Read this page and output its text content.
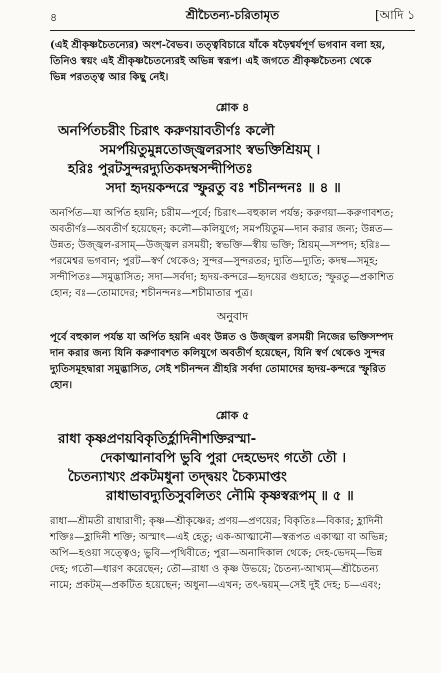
৪	শ্রীচৈতন্য-চরিতামৃত	[আদি ১

(এই শ্রীকৃষ্ণচৈতন্যের) অংশ-বৈভব। তত্ত্ববিচারে যাঁকে ষড়ৈশ্বর্যপূর্ণ ভগবান বলা হয়,

তিনিও স্বয়ং এই শ্রীকৃষ্ণচৈতন্যেরই অভিন্ন স্বরূপ। এই জগতে শ্রীকৃষ্ণচৈতন্য থেকে

ভিন্ন পরতত্ত্ব আর কিছু নেই।

শ্লোক ৪
অনর্পিতচরীং চিরাৎ করুণয়াবতীর্ণঃ কলৌ
সমর্পয়িতুমুন্নতোজ্জ্বলরসাং স্বভক্তিশ্রিয়ম্ ।
হরিঃ পুরটসুন্দরদ্যুতিকদম্বসন্দীপিতঃ
সদা হৃদয়কন্দরে স্ফুরতু বঃ শচীনন্দনঃ ॥ ৪ ॥

অনর্পিত—যা অর্পিত হয়নি; চরীম—পূর্বে; চিরাৎ—বহুকাল পর্যন্ত; করুণয়া—করুণাবশত;

অবতীর্ণঃ—অবতীর্ণ হয়েছেন; কলৌ—কলিযুগে; সমর্পয়িতুম—দান করার জন্য; উন্নত—

উন্নত; উজ্জ্বল-রসাম্—উজ্জ্বল রসময়ী; স্বভক্তি—স্বীয় ভক্তি; শ্রিয়ম্—সম্পদ; হরিঃ—

পরমেশ্বর ভগবান; পুরট—স্বর্ণ থেকেও; সুন্দর—সুন্দরতর; দ্যুতি—দ্যুতি; কদম্ব—সমূহ;

সন্দীপিতঃ—সমুদ্ভাসিত; সদা—সর্বদা; হৃদয়-কন্দরে—হৃদয়ের গুহাতে; স্ফুরতু—প্রকাশিত

হোন; বঃ—তোমাদের; শচীনন্দনঃ—শচীমাতার পুত্র।

অনুবাদ

পূর্বে বহুকাল পর্যন্ত যা অর্পিত হয়নি এবং উন্নত ও উজ্জ্বল রসময়ী নিজের ভক্তিসম্পদ

দান করার জন্য যিনি করুণাবশত কলিযুগে অবতীর্ণ হয়েছেন, যিনি স্বর্ণ থেকেও সুন্দর

দ্যুতিসমূহদ্বারা সমুদ্ভাসিত, সেই শচীনন্দন শ্রীহরি সর্বদা তোমাদের হৃদয়-কন্দরে স্ফুরিত

হোন।

শ্লোক ৫
রাধা কৃষ্ণপ্রণয়বিকৃতির্হ্লাদিনীশক্তিরস্মা-
দেকাত্মানাবপি ভুবি পুরা দেহভেদং গতৌ তৌ ।
চৈতন্যাখ্যং প্রকটমধুনা তদ্দ্বয়ং চৈক্যমাপ্তং
রাধাভাবদ্যুতিসুবলিতং নৌমি কৃষ্ণস্বরূপম্ ॥ ৫ ॥

রাধা—শ্রীমতী রাধারাণী; কৃষ্ণ—শ্রীকৃষ্ণের; প্রণয়—প্রণয়ের; বিকৃতিঃ—বিকার; হ্লাদিনী

শক্তিঃ—হ্লাদিনী শক্তি; অস্মাৎ—এই হেতু; এক-আত্মানৌ—স্বরূপত একাত্মা বা অভিন্ন;

অপি—হওয়া সত্ত্বেও; ভুবি—পৃথিবীতে; পুরা—অনাদিকাল থেকে; দেহ-ভেদম্—ভিন্ন

দেহ; গতৌ—ধারণ করেছেন; তৌ—রাধা ও কৃষ্ণ উভয়ে; চৈতন্য-আখ্যম্—শ্রীচৈতন্য

নামে; প্রকটম্—প্রকটিত হয়েছেন; অধুনা—এখন; তৎ-দ্বয়ম্—সেই দুই দেহ; চ—এবং;
